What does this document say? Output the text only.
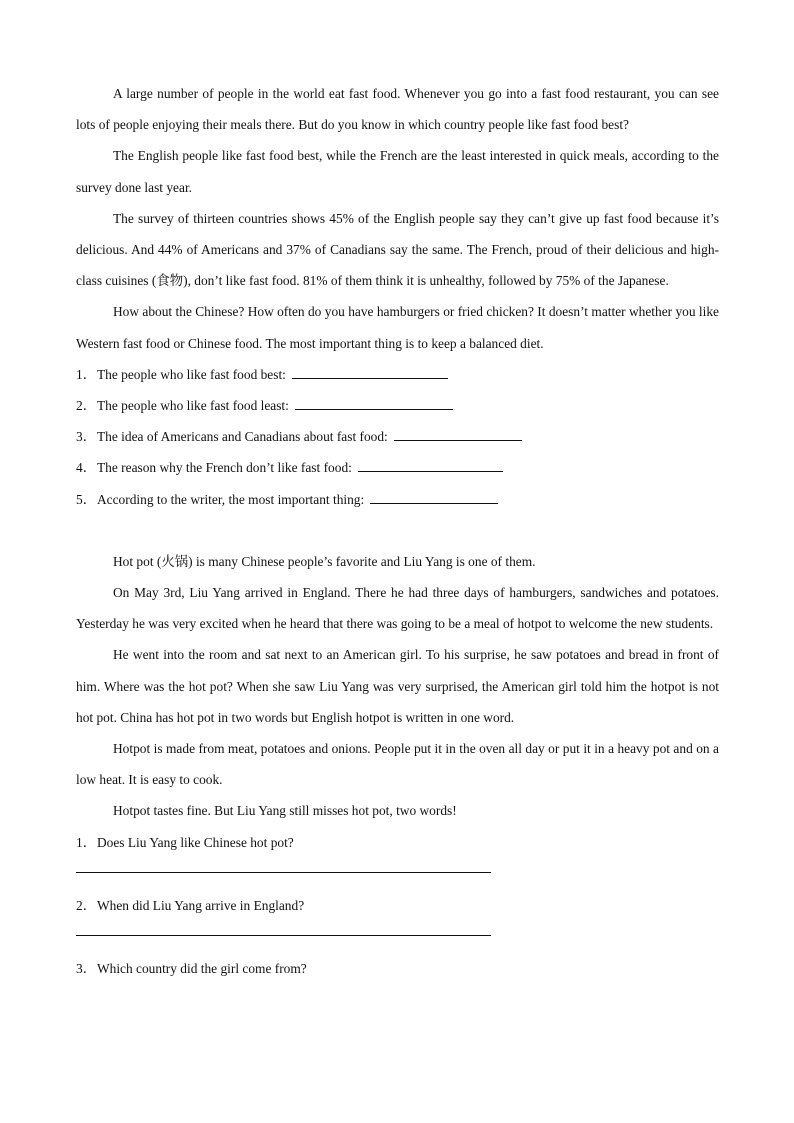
A large number of people in the world eat fast food. Whenever you go into a fast food restaurant, you can see lots of people enjoying their meals there. But do you know in which country people like fast food best?

The English people like fast food best, while the French are the least interested in quick meals, according to the survey done last year.

The survey of thirteen countries shows 45% of the English people say they can’t give up fast food because it’s delicious. And 44% of Americans and 37% of Canadians say the same. The French, proud of their delicious and high-class cuisines (食物), don’t like fast food. 81% of them think it is unhealthy, followed by 75% of the Japanese.

How about the Chinese? How often do you have hamburgers or fried chicken? It doesn’t matter whether you like Western fast food or Chinese food. The most important thing is to keep a balanced diet.

1．The people who like fast food best:
2．The people who like fast food least:
3．The idea of Americans and Canadians about fast food:
4．The reason why the French don’t like fast food:
5．According to the writer, the most important thing:

Hot pot (火锅) is many Chinese people’s favorite and Liu Yang is one of them.

On May 3rd, Liu Yang arrived in England. There he had three days of hamburgers, sandwiches and potatoes. Yesterday he was very excited when he heard that there was going to be a meal of hotpot to welcome the new students.

He went into the room and sat next to an American girl. To his surprise, he saw potatoes and bread in front of him. Where was the hot pot? When she saw Liu Yang was very surprised, the American girl told him the hotpot is not hot pot. China has hot pot in two words but English hotpot is written in one word.

Hotpot is made from meat, potatoes and onions. People put it in the oven all day or put it in a heavy pot and on a low heat. It is easy to cook.

Hotpot tastes fine. But Liu Yang still misses hot pot, two words!

1．Does Liu Yang like Chinese hot pot?
2．When did Liu Yang arrive in England?
3．Which country did the girl come from?
